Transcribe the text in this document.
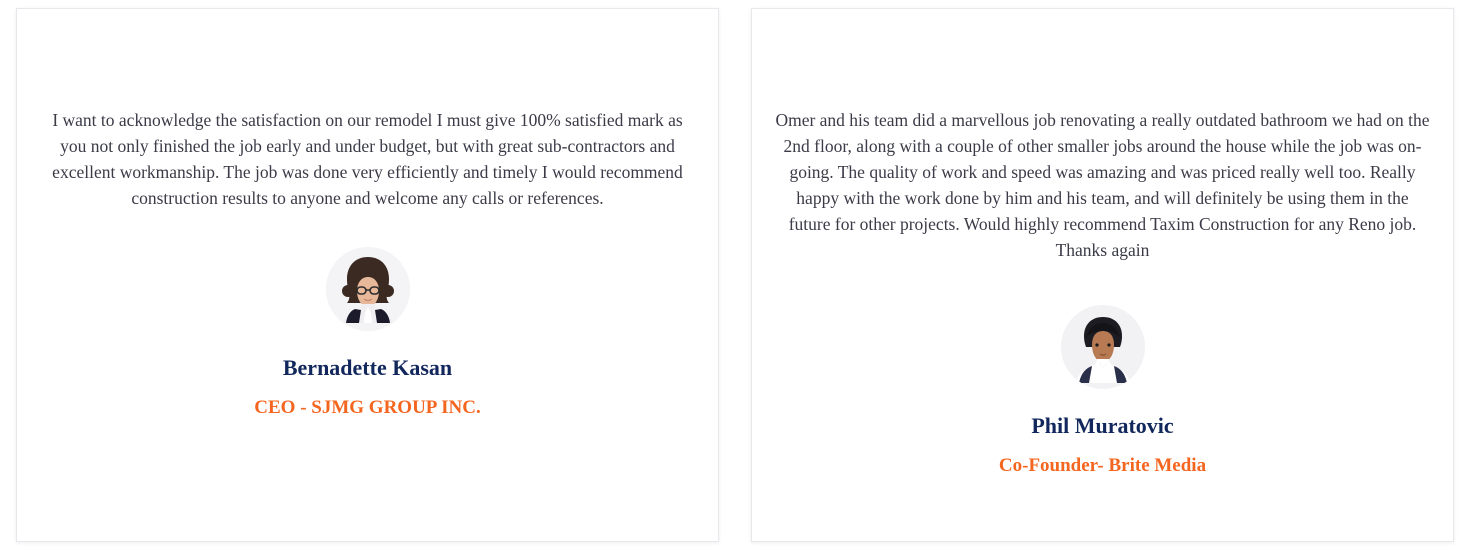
I want to acknowledge the satisfaction on our remodel I must give 100% satisfied mark as you not only finished the job early and under budget, but with great sub-contractors and excellent workmanship. The job was done very efficiently and timely I would recommend construction results to anyone and welcome any calls or references.

Bernadette Kasan
CEO - SJMG GROUP INC.

Omer and his team did a marvellous job renovating a really outdated bathroom we had on the 2nd floor, along with a couple of other smaller jobs around the house while the job was on-going. The quality of work and speed was amazing and was priced really well too. Really happy with the work done by him and his team, and will definitely be using them in the future for other projects. Would highly recommend Taxim Construction for any Reno job. Thanks again

Phil Muratovic
Co-Founder- Brite Media
